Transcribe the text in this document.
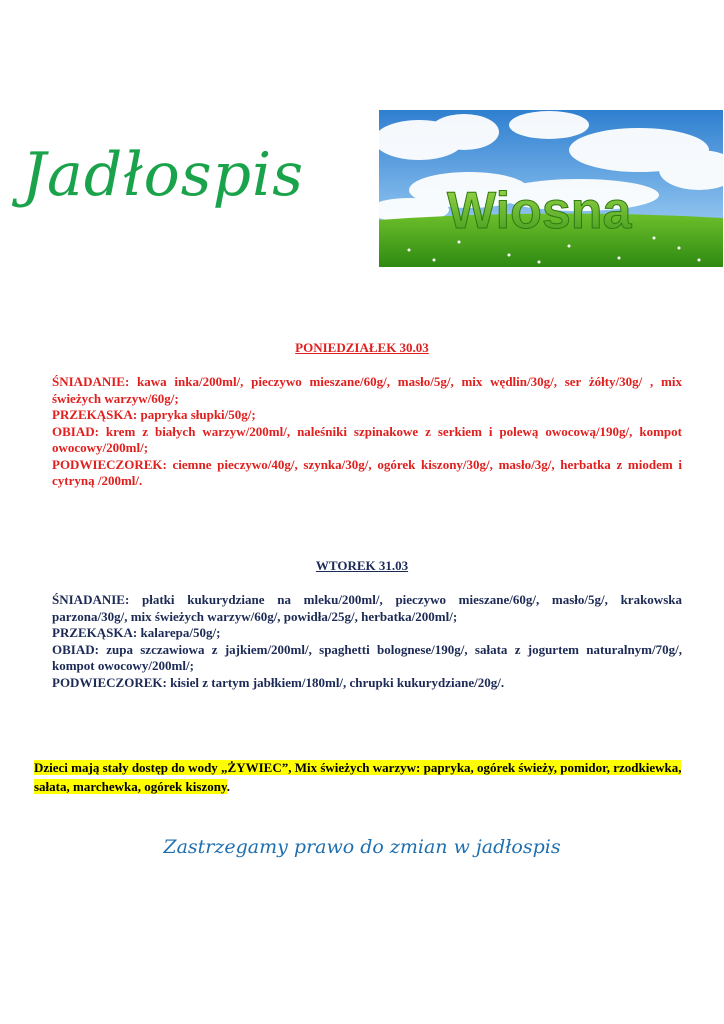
Jadłospis
Wiosna
PONIEDZIAŁEK 30.03

ŚNIADANIE: kawa inka/200ml/, pieczywo mieszane/60g/, masło/5g/, mix wędlin/30g/, ser żółty/30g/ , mix świeżych warzyw/60g/;

PRZEKĄSKA: papryka słupki/50g/;

OBIAD: krem z białych warzyw/200ml/, naleśniki szpinakowe z serkiem i polewą owocową/190g/, kompot owocowy/200ml/;

PODWIECZOREK: ciemne pieczywo/40g/, szynka/30g/, ogórek kiszony/30g/, masło/3g/, herbatka z miodem i cytryną /200ml/.

WTOREK 31.03

ŚNIADANIE: płatki kukurydziane na mleku/200ml/, pieczywo mieszane/60g/, masło/5g/, krakowska parzona/30g/, mix świeżych warzyw/60g/, powidła/25g/, herbatka/200ml/;

PRZEKĄSKA: kalarepa/50g/;

OBIAD: zupa szczawiowa z jajkiem/200ml/, spaghetti bolognese/190g/, sałata z jogurtem naturalnym/70g/, kompot owocowy/200ml/;

PODWIECZOREK: kisiel z tartym jabłkiem/180ml/, chrupki kukurydziane/20g/.

Dzieci mają stały dostęp do wody „ŻYWIEC”, Mix świeżych warzyw: papryka, ogórek świeży, pomidor, rzodkiewka, sałata, marchewka, ogórek kiszony.
Zastrzegamy prawo do zmian w jadłospis
